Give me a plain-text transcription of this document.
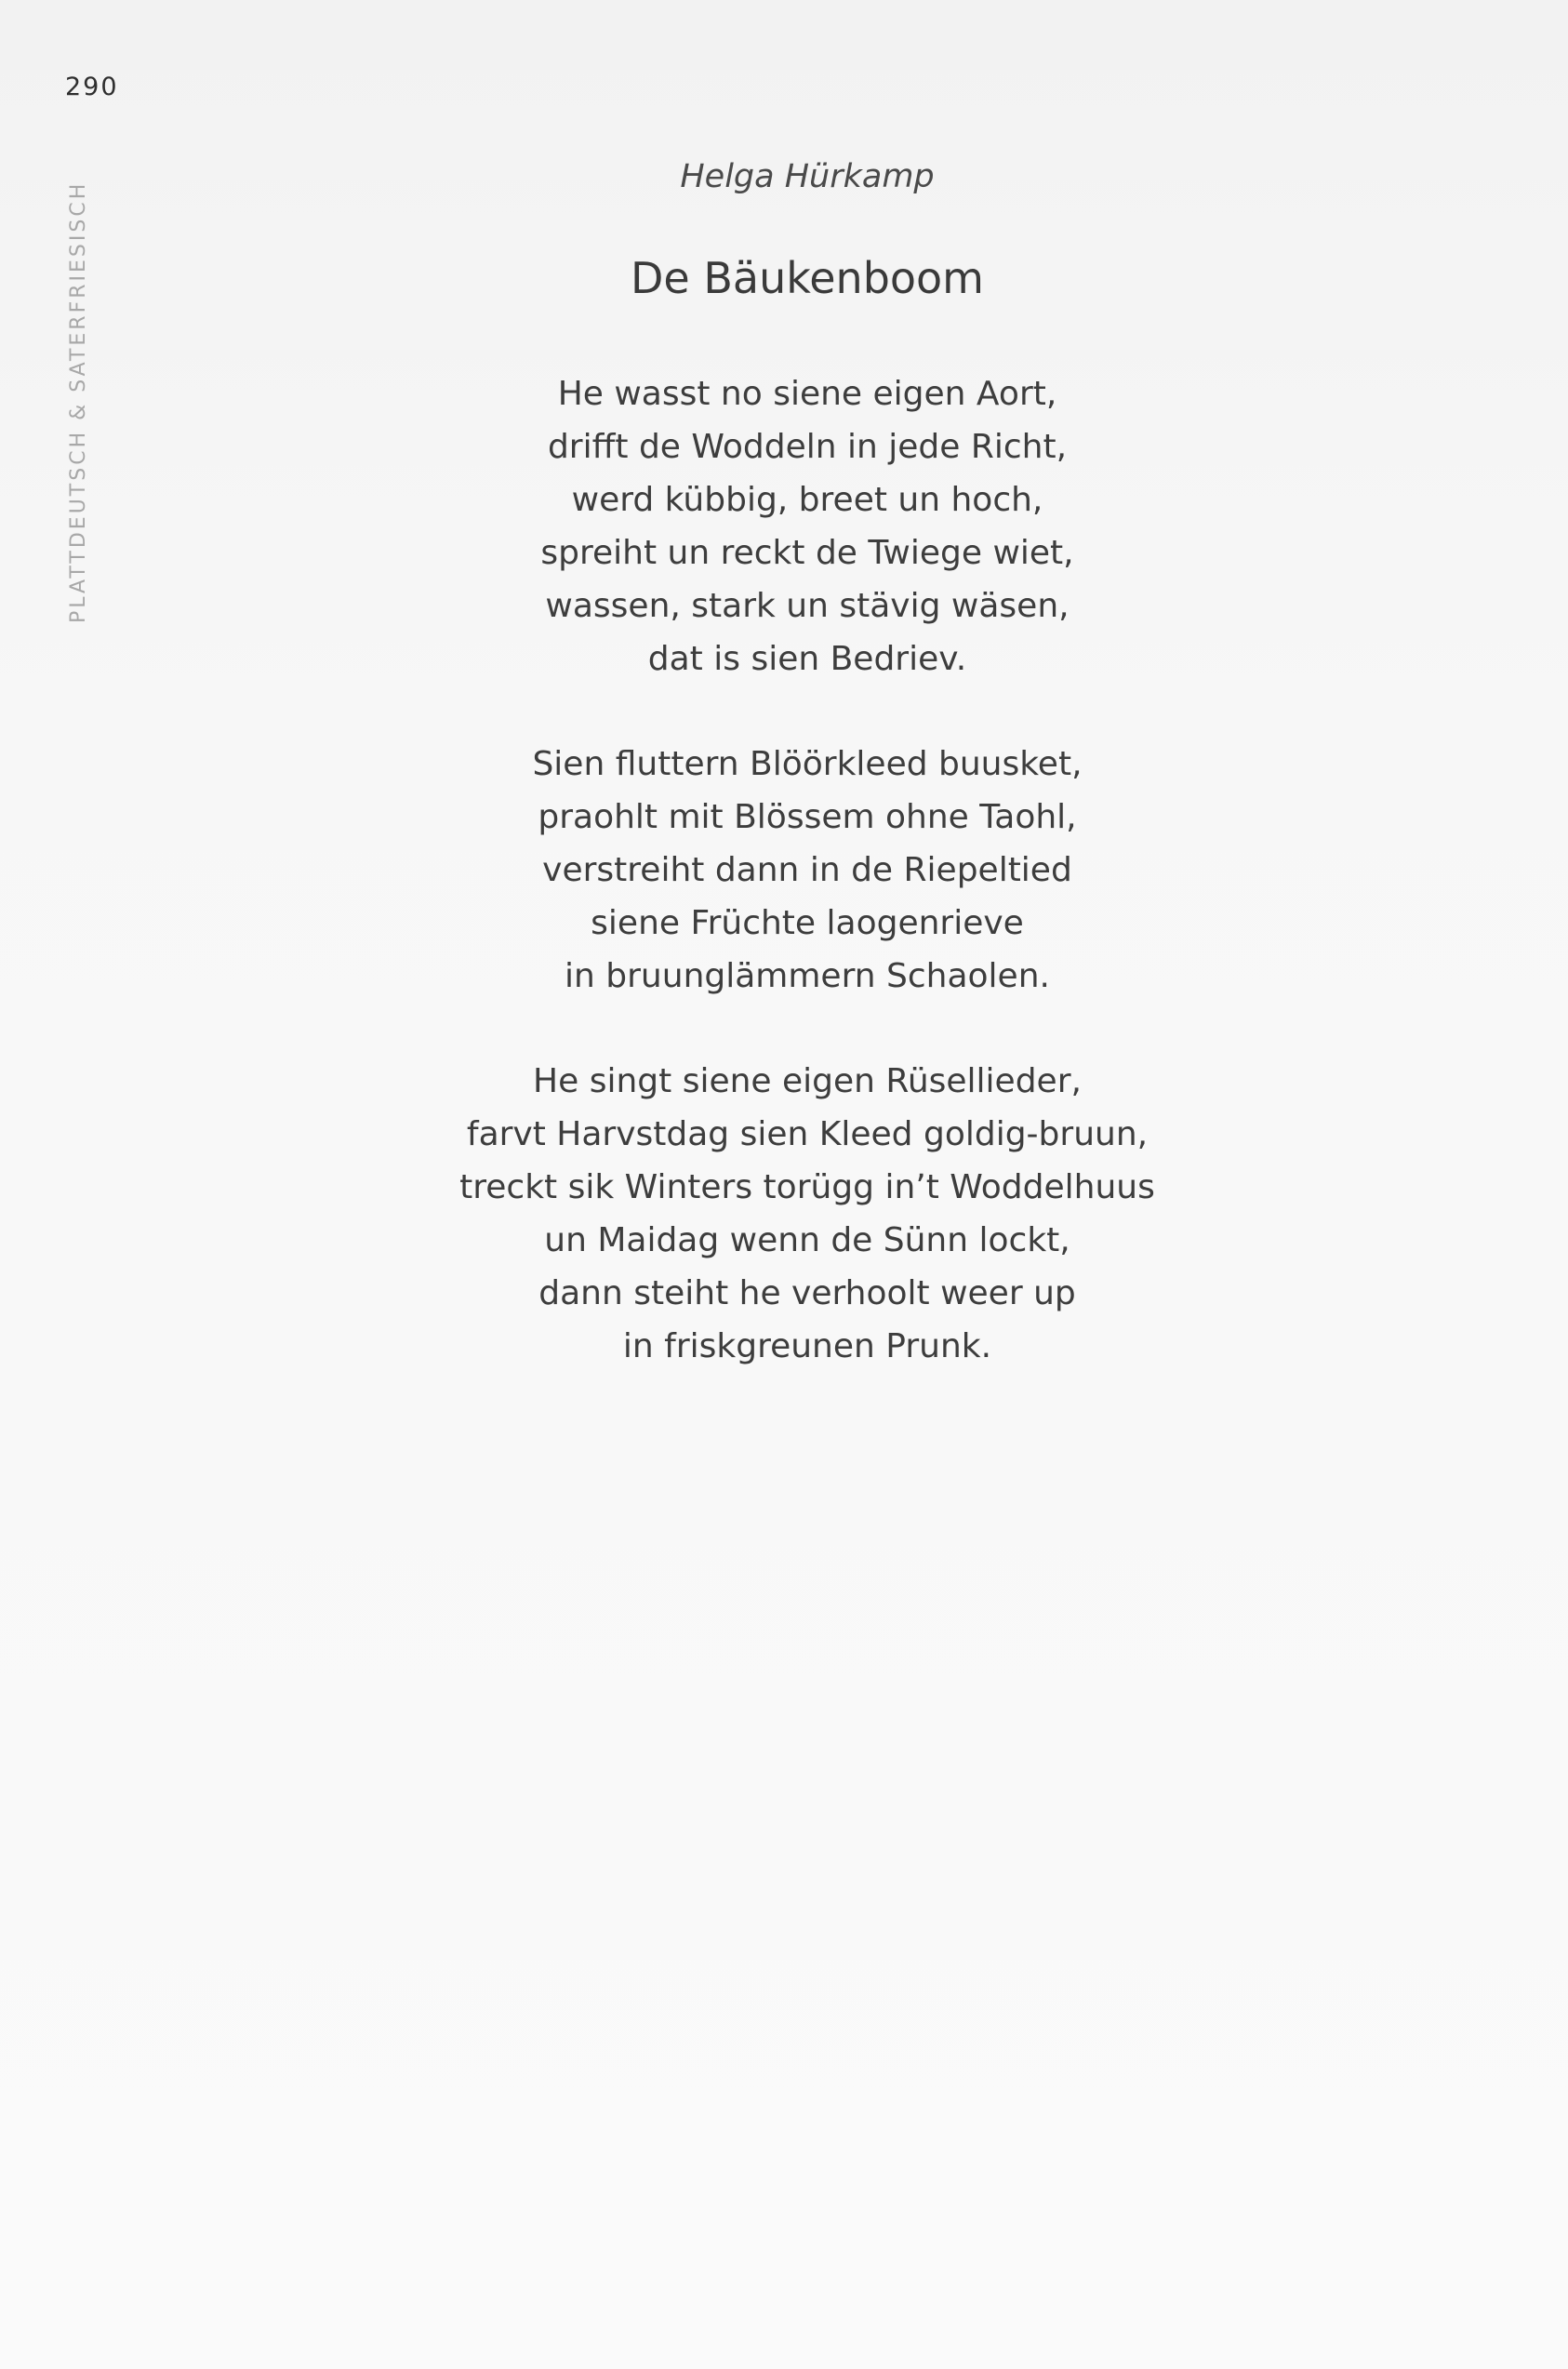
290
PLATTDEUTSCH & SATERFRIESISCH
Helga Hürkamp
De Bäukenboom
He wasst no siene eigen Aort,
drifft de Woddeln in jede Richt,
werd kübbig, breet un hoch,
spreiht un reckt de Twiege wiet,
wassen, stark un stävig wäsen,
dat is sien Bedriev.
Sien fluttern Blöörkleed buusket,
praohlt mit Blössem ohne Taohl,
verstreiht dann in de Riepeltied
siene Früchte laogenrieve
in bruunglämmern Schaolen.
He singt siene eigen Rüsellieder,
farvt Harvstdag sien Kleed goldig-bruun,
treckt sik Winters torügg in’t Woddelhuus
un Maidag wenn de Sünn lockt,
dann steiht he verhoolt weer up
in friskgreunen Prunk.
